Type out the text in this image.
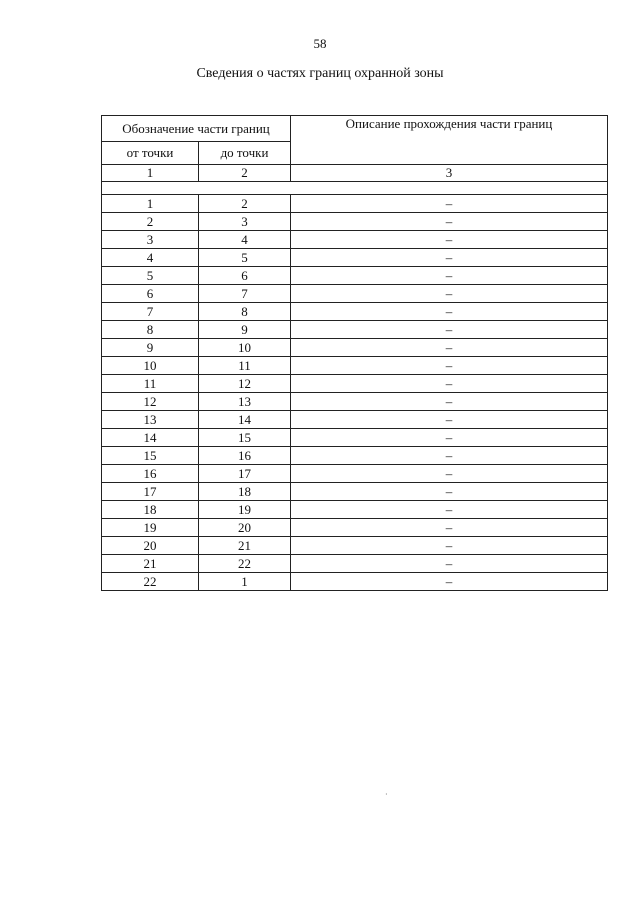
58
Сведения о частях границ охранной зоны
Обозначение части границ		Описание прохождения части границ
от точки	до точки	
1	2	3

1	2	–
2	3	–
3	4	–
4	5	–
5	6	–
6	7	–
7	8	–
8	9	–
9	10	–
10	11	–
11	12	–
12	13	–
13	14	–
14	15	–
15	16	–
16	17	–
17	18	–
18	19	–
19	20	–
20	21	–
21	22	–
22	1	–
·
